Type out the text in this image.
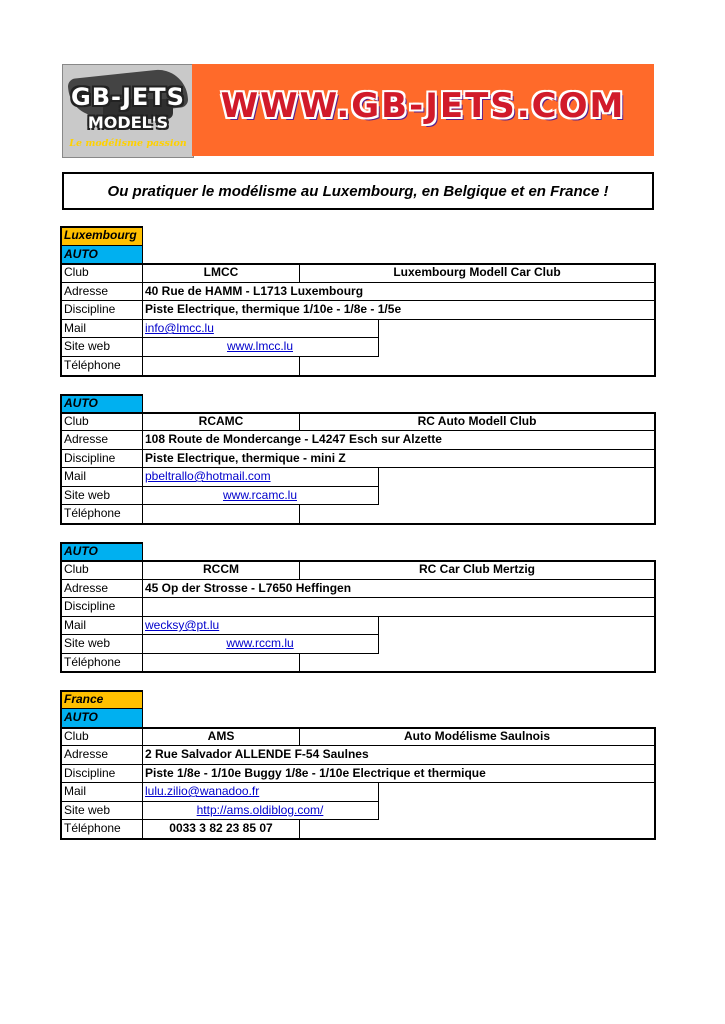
GB-JETS
MODEL'S
Le modélisme passion
WWW.GB-JETS.COM
Ou pratiquer le modélisme au Luxembourg, en Belgique et en France !
Luxembourg
AUTO
Club	LMCC	Luxembourg Modell Car Club
Adresse	40 Rue de HAMM - L1713 Luxembourg
Discipline	Piste Electrique, thermique 1/10e - 1/8e - 1/5e
Mail	info@lmcc.lu
Site web	www.lmcc.lu
Téléphone
AUTO
Club	RCAMC	RC Auto Modell Club
Adresse	108 Route de Mondercange - L4247 Esch sur Alzette
Discipline	Piste Electrique, thermique - mini Z
Mail	pbeltrallo@hotmail.com
Site web	www.rcamc.lu
Téléphone
AUTO
Club	RCCM	RC Car Club Mertzig
Adresse	45 Op der Strosse - L7650 Heffingen
Discipline
Mail	wecksy@pt.lu
Site web	www.rccm.lu
Téléphone
France
AUTO
Club	AMS	Auto Modélisme Saulnois
Adresse	2 Rue Salvador ALLENDE F-54 Saulnes
Discipline	Piste 1/8e - 1/10e Buggy 1/8e - 1/10e Electrique et thermique
Mail	lulu.zilio@wanadoo.fr
Site web	http://ams.oldiblog.com/
Téléphone	0033 3 82 23 85 07
